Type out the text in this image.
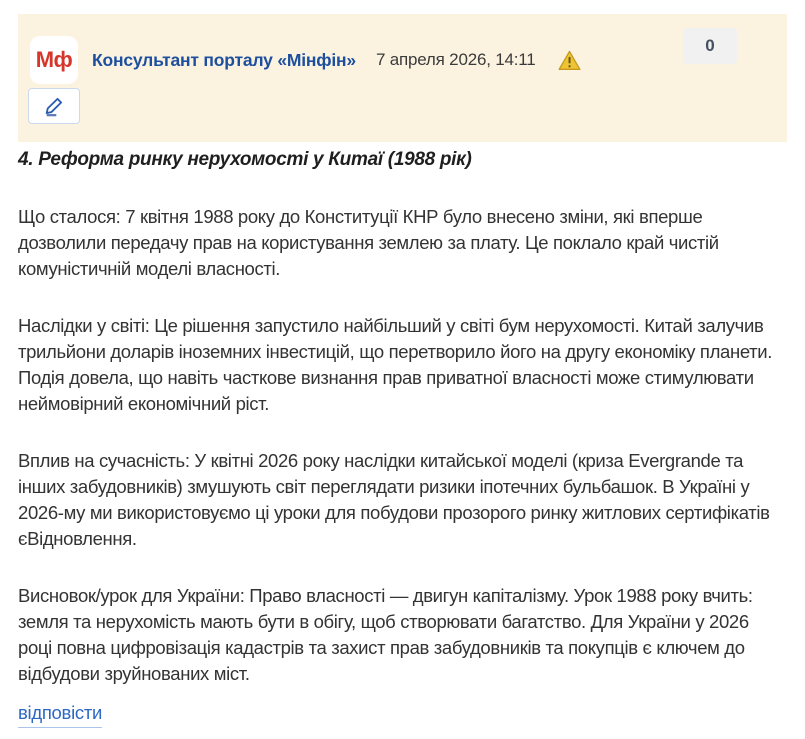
Мф Консультант порталу «Мінфін» 7 апреля 2026, 14:11
0
4. Реформа ринку нерухомості у Китаї (1988 рік)

Що сталося: 7 квітня 1988 року до Конституції КНР було внесено зміни, які вперше дозволили передачу прав на користування землею за плату. Це поклало край чистій комуністичній моделі власності.

Наслідки у світі: Це рішення запустило найбільший у світі бум нерухомості. Китай залучив трильйони доларів іноземних інвестицій, що перетворило його на другу економіку планети. Подія довела, що навіть часткове визнання прав приватної власності може стимулювати неймовірний економічний ріст.

Вплив на сучасність: У квітні 2026 року наслідки китайської моделі (криза Evergrande та інших забудовників) змушують світ переглядати ризики іпотечних бульбашок. В Україні у 2026-му ми використовуємо ці уроки для побудови прозорого ринку житлових сертифікатів єВідновлення.

Висновок/урок для України: Право власності — двигун капіталізму. Урок 1988 року вчить: земля та нерухомість мають бути в обігу, щоб створювати багатство. Для України у 2026 році повна цифровізація кадастрів та захист прав забудовників та покупців є ключем до відбудови зруйнованих міст.

відповісти
